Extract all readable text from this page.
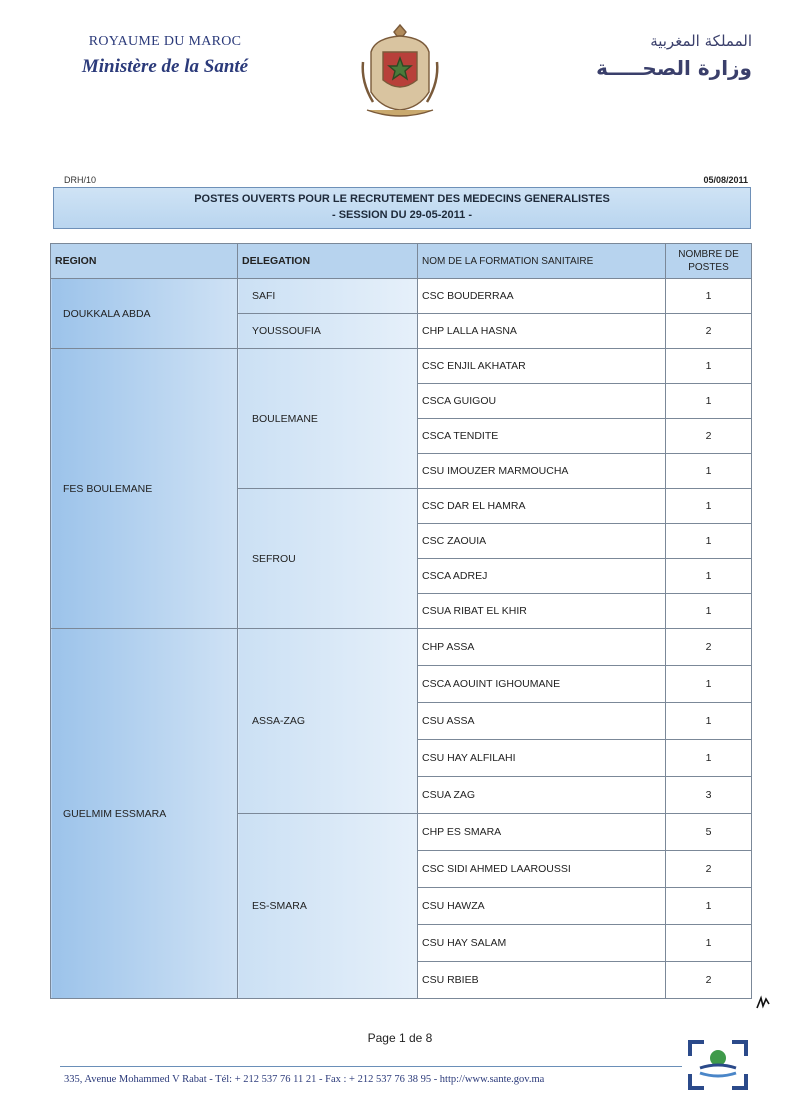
ROYAUME DU MAROC
Ministère de la Santé
المملكة المغربية
وزارة الصحـــــة
DRH/10	05/08/2011
POSTES OUVERTS POUR LE RECRUTEMENT DES MEDECINS GENERALISTES
- SESSION DU 29-05-2011 -
REGION	DELEGATION	NOM DE LA FORMATION SANITAIRE	NOMBRE DE POSTES
DOUKKALA ABDA	SAFI	CSC BOUDERRAA	1
	YOUSSOUFIA	CHP LALLA HASNA	2
FES BOULEMANE	BOULEMANE	CSC ENJIL AKHATAR	1
		CSCA GUIGOU	1
		CSCA TENDITE	2
		CSU IMOUZER MARMOUCHA	1
	SEFROU	CSC DAR EL HAMRA	1
		CSC ZAOUIA	1
		CSCA ADREJ	1
		CSUA RIBAT EL KHIR	1
GUELMIM ESSMARA	ASSA-ZAG	CHP ASSA	2
		CSCA AOUINT IGHOUMANE	1
		CSU ASSA	1
		CSU HAY ALFILAHI	1
		CSUA ZAG	3
	ES-SMARA	CHP ES SMARA	5
		CSC SIDI AHMED LAAROUSSI	2
		CSU HAWZA	1
		CSU HAY SALAM	1
		CSU RBIEB	2
Page 1 de 8
335, Avenue Mohammed V Rabat - Tél: + 212 537 76 11 21 - Fax : + 212 537 76 38 95 - http://www.sante.gov.ma
